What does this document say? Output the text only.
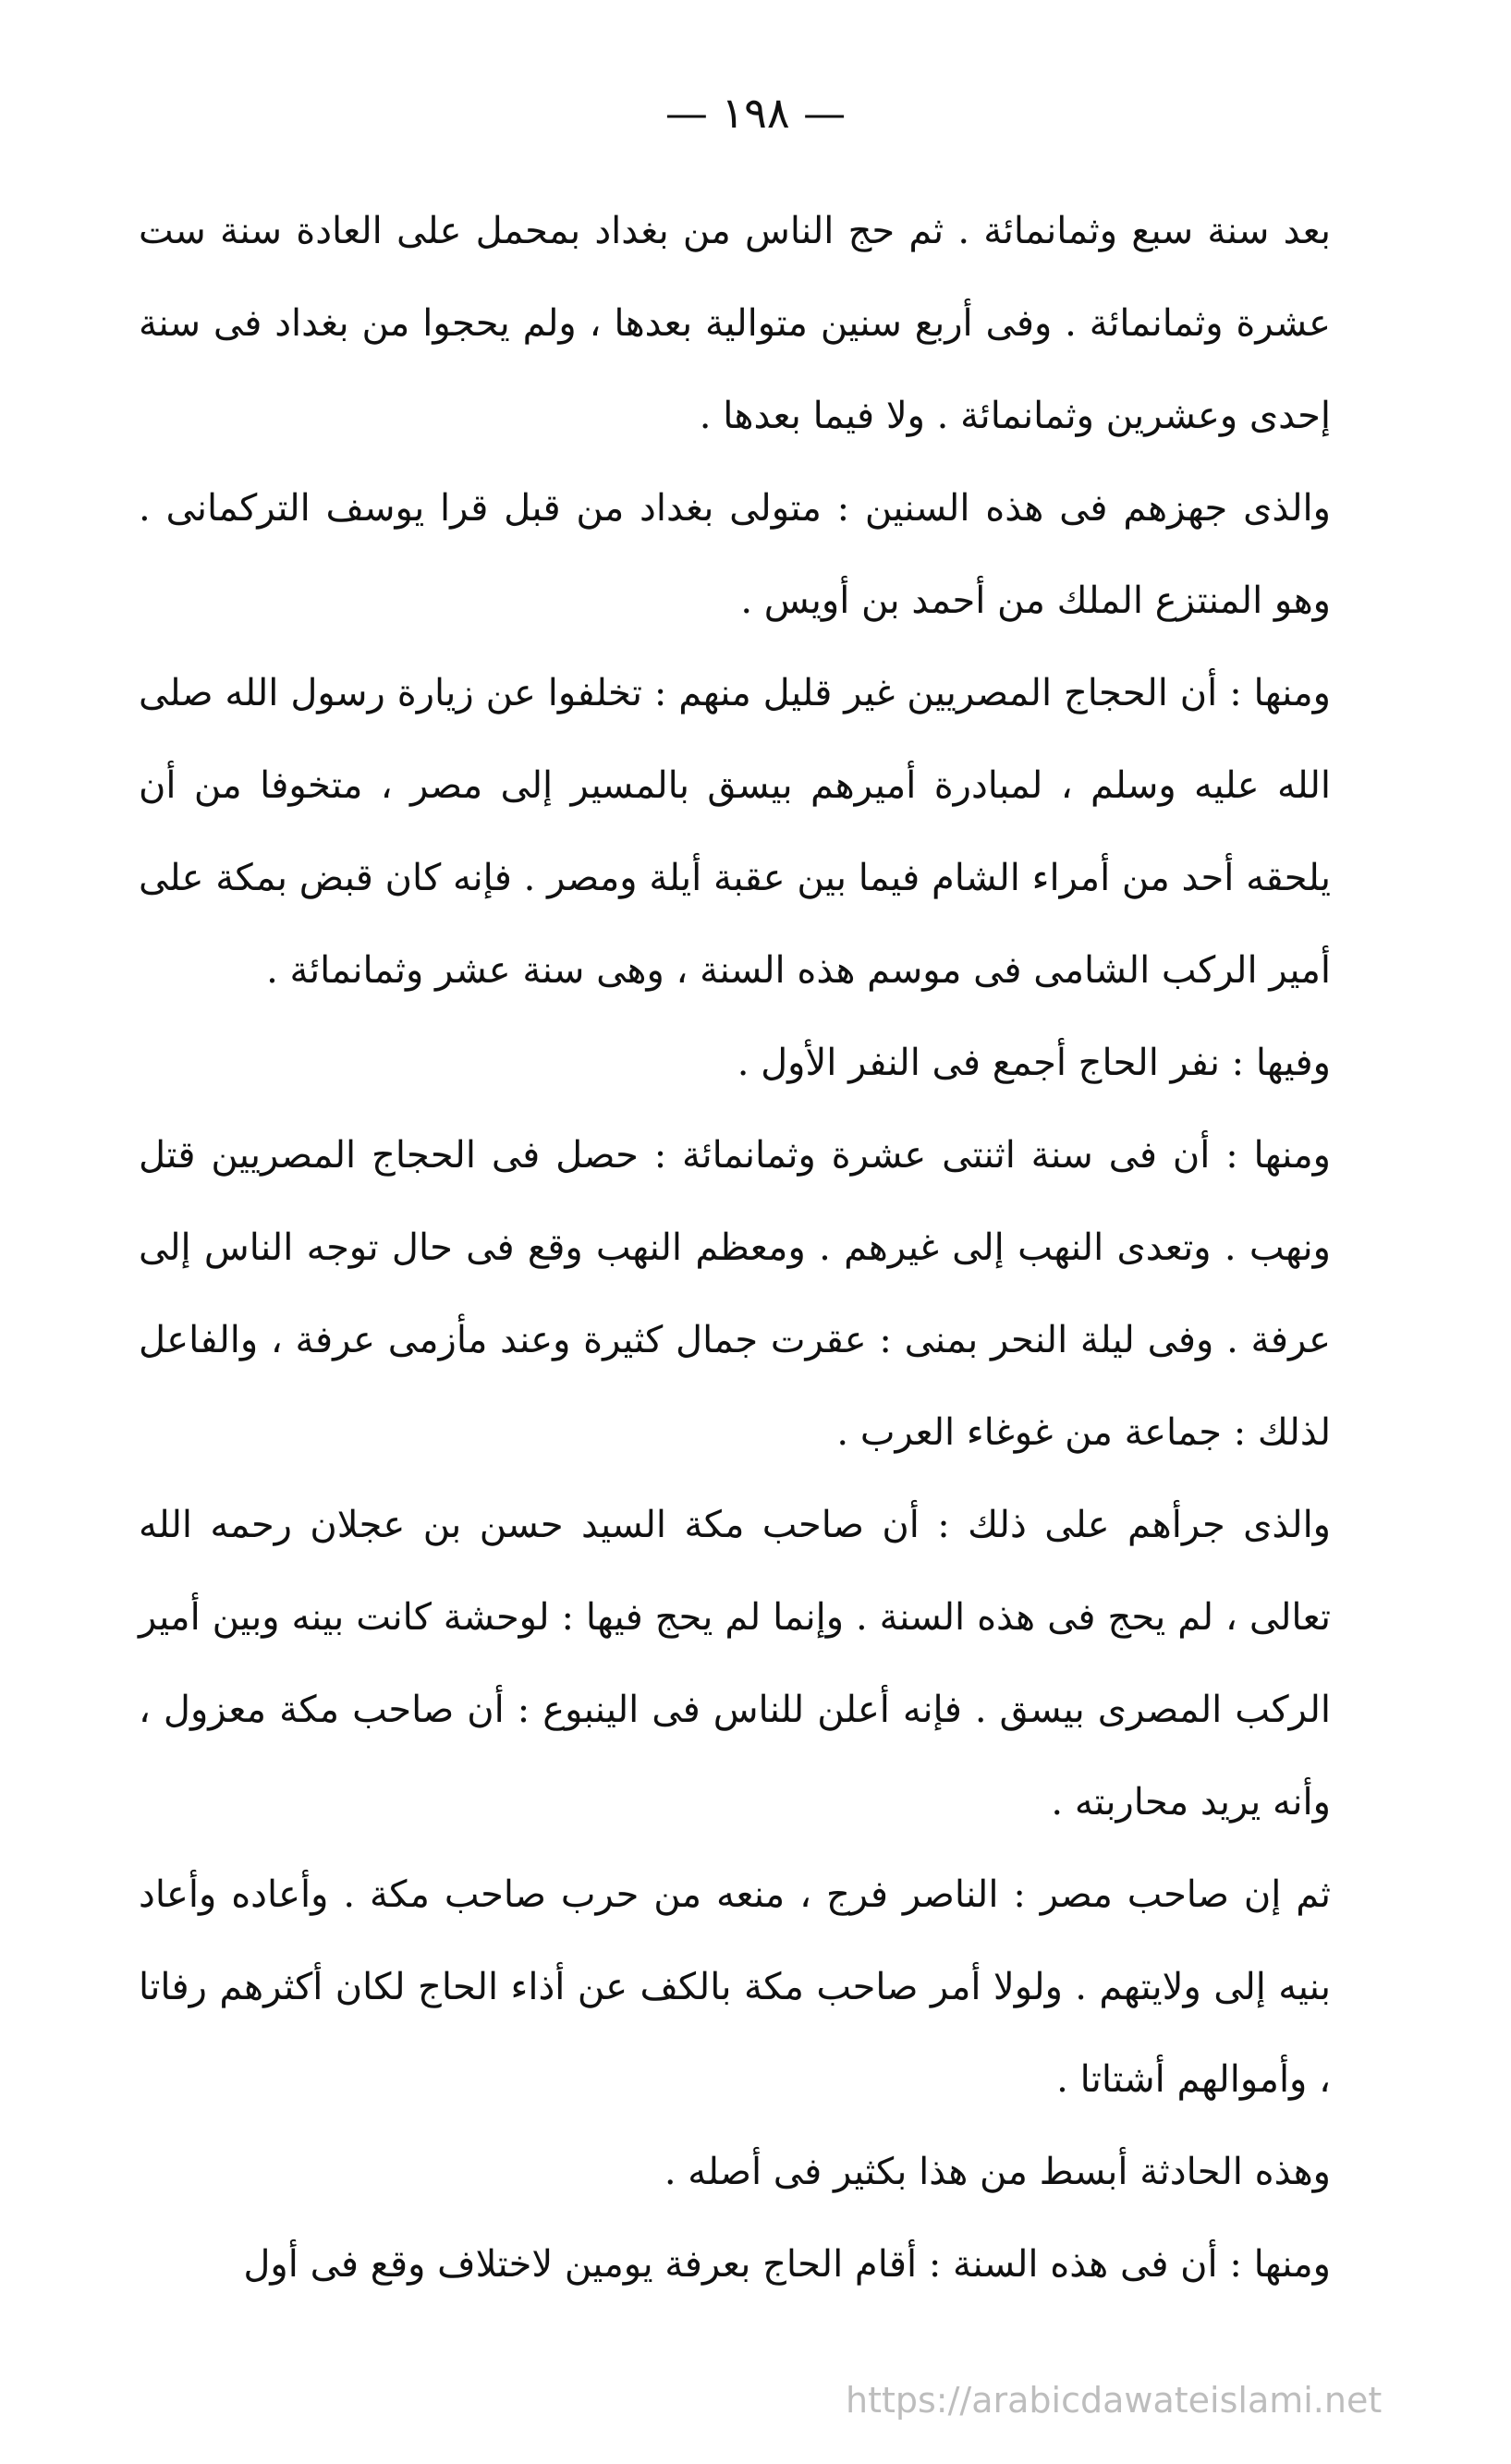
— ١٩٨ —

بعد سنة سبع وثمانمائة . ثم حج الناس من بغداد بمحمل على العادة سنة ست عشرة وثمانمائة . وفى أربع سنين متوالية بعدها ، ولم يحجوا من بغداد فى سنة إحدى وعشرين وثمانمائة . ولا فيما بعدها .

والذى جهزهم فى هذه السنين : متولى بغداد من قبل قرا يوسف التركمانى . وهو المنتزع الملك من أحمد بن أويس .

ومنها : أن الحجاج المصريين غير قليل منهم : تخلفوا عن زيارة رسول الله صلى الله عليه وسلم ، لمبادرة أميرهم بيسق بالمسير إلى مصر ، متخوفا من أن يلحقه أحد من أمراء الشام فيما بين عقبة أيلة ومصر . فإنه كان قبض بمكة على أمير الركب الشامى فى موسم هذه السنة ، وهى سنة عشر وثمانمائة .

وفيها : نفر الحاج أجمع فى النفر الأول .

ومنها : أن فى سنة اثنتى عشرة وثمانمائة : حصل فى الحجاج المصريين قتل ونهب . وتعدى النهب إلى غيرهم . ومعظم النهب وقع فى حال توجه الناس إلى عرفة . وفى ليلة النحر بمنى : عقرت جمال كثيرة وعند مأزمى عرفة ، والفاعل لذلك : جماعة من غوغاء العرب .

والذى جرأهم على ذلك : أن صاحب مكة السيد حسن بن عجلان رحمه الله تعالى ، لم يحج فى هذه السنة . وإنما لم يحج فيها : لوحشة كانت بينه وبين أمير الركب المصرى بيسق . فإنه أعلن للناس فى الينبوع : أن صاحب مكة معزول ، وأنه يريد محاربته .

ثم إن صاحب مصر : الناصر فرج ، منعه من حرب صاحب مكة . وأعاده وأعاد بنيه إلى ولايتهم . ولولا أمر صاحب مكة بالكف عن أذاء الحاج لكان أكثرهم رفاتا ، وأموالهم أشتاتا .

وهذه الحادثة أبسط من هذا بكثير فى أصله .

ومنها : أن فى هذه السنة : أقام الحاج بعرفة يومين لاختلاف وقع فى أول

https://arabicdawateislami.net
